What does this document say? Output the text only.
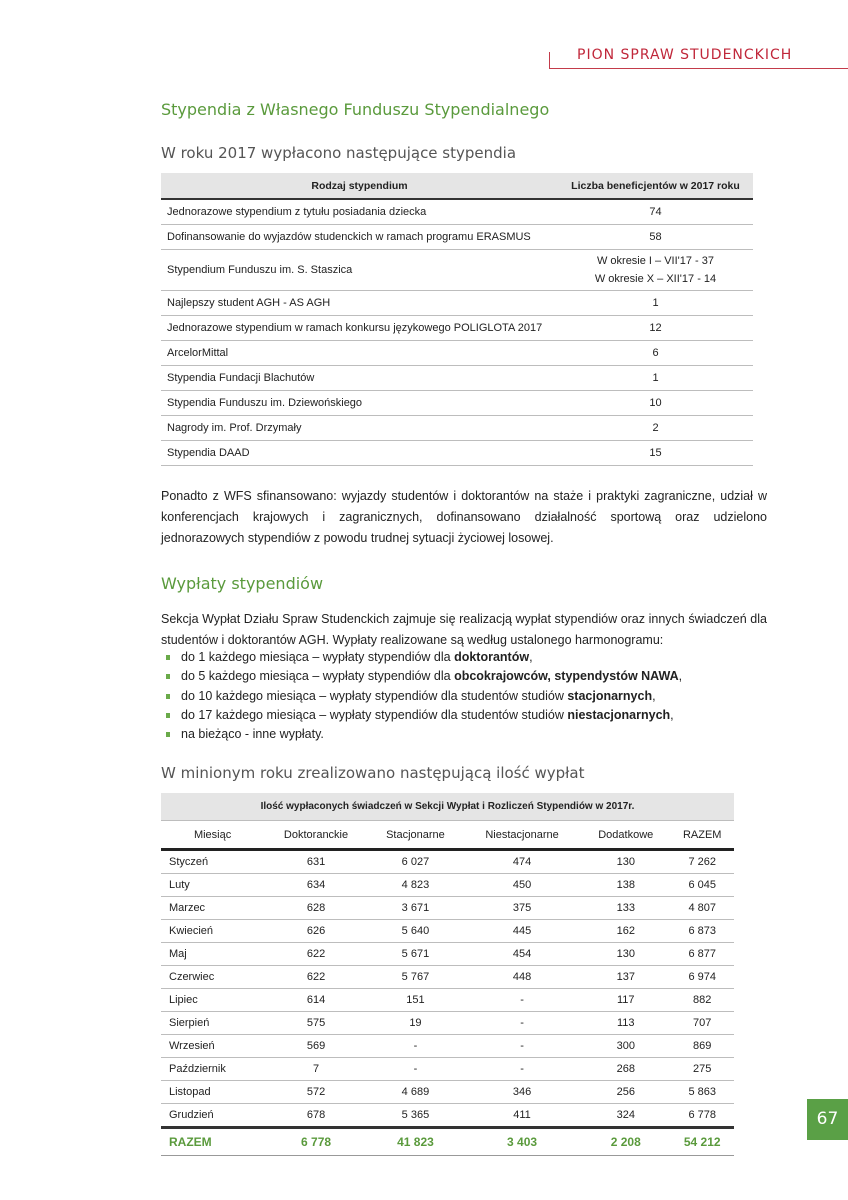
PION SPRAW STUDENCKICH
Stypendia z Własnego Funduszu Stypendialnego
W roku 2017 wypłacono następujące stypendia
Rodzaj stypendium	Liczba beneficjentów w 2017 roku
Jednorazowe stypendium z tytułu posiadania dziecka	74
Dofinansowanie do wyjazdów studenckich w ramach programu ERASMUS	58
Stypendium Funduszu im. S. Staszica	W okresie I – VII'17 - 37
W okresie X – XII'17 - 14

Najlepszy student AGH - AS AGH	1
Jednorazowe stypendium w ramach konkursu językowego POLIGLOTA 2017	12
ArcelorMittal	6
Stypendia Fundacji Blachutów	1
Stypendia Funduszu im. Dziewońskiego	10
Nagrody im. Prof. Drzymały	2
Stypendia DAAD	15
Ponadto z WFS sfinansowano: wyjazdy studentów i doktorantów na staże i praktyki zagraniczne, udział w konferencjach krajowych i zagranicznych, dofinansowano działalność sportową oraz udzielono jednorazowych stypendiów z powodu trudnej sytuacji życiowej losowej.
Wypłaty stypendiów
Sekcja Wypłat Działu Spraw Studenckich zajmuje się realizacją wypłat stypendiów oraz innych świadczeń dla studentów i doktorantów AGH. Wypłaty realizowane są według ustalonego harmonogramu:
do 1 każdego miesiąca – wypłaty stypendiów dla doktorantów,
do 5 każdego miesiąca – wypłaty stypendiów dla obcokrajowców, stypendystów NAWA,
do 10 każdego miesiąca – wypłaty stypendiów dla studentów studiów stacjonarnych,
do 17 każdego miesiąca – wypłaty stypendiów dla studentów studiów niestacjonarnych,
na bieżąco - inne wypłaty.
W minionym roku zrealizowano następującą ilość wypłat
Ilość wypłaconych świadczeń w Sekcji Wypłat i Rozliczeń Stypendiów w 2017r.					
Miesiąc	Doktoranckie	Stacjonarne	Niestacjonarne	Dodatkowe	RAZEM
Styczeń	631	6 027	474	130	7 262
Luty	634	4 823	450	138	6 045
Marzec	628	3 671	375	133	4 807
Kwiecień	626	5 640	445	162	6 873
Maj	622	5 671	454	130	6 877
Czerwiec	622	5 767	448	137	6 974
Lipiec	614	151	-	117	882
Sierpień	575	19	-	113	707
Wrzesień	569	-	-	300	869
Październik	7	-	-	268	275
Listopad	572	4 689	346	256	5 863
Grudzień	678	5 365	411	324	6 778
RAZEM	6 778	41 823	3 403	2 208	54 212
67
